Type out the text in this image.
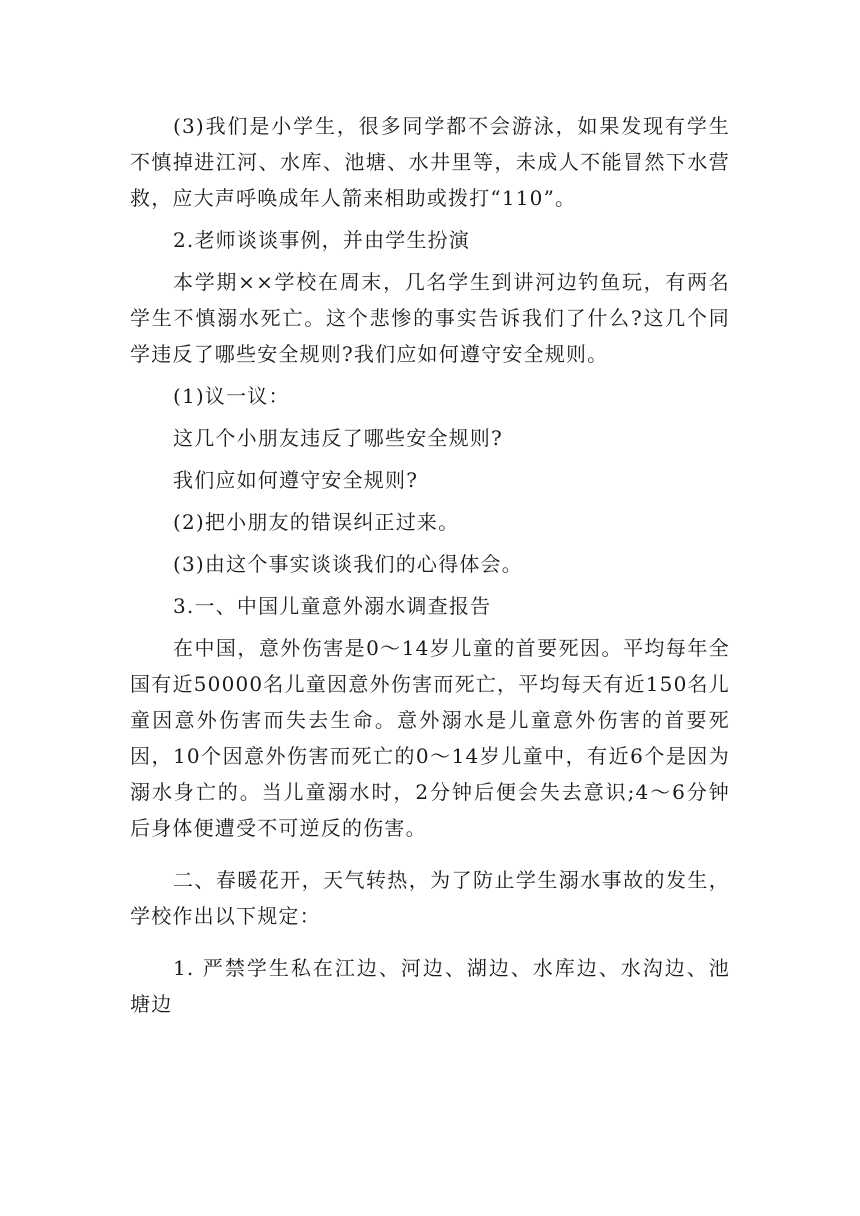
(3)我们是小学生，很多同学都不会游泳，如果发现有学生不慎掉进江河、水库、池塘、水井里等，未成人不能冒然下水营救，应大声呼唤成年人箭来相助或拨打“110”。

2.老师谈谈事例，并由学生扮演

本学期××学校在周末，几名学生到讲河边钓鱼玩，有两名学生不慎溺水死亡。这个悲惨的事实告诉我们了什么?这几个同学违反了哪些安全规则?我们应如何遵守安全规则。

(1)议一议：

这几个小朋友违反了哪些安全规则?

我们应如何遵守安全规则?

(2)把小朋友的错误纠正过来。

(3)由这个事实谈谈我们的心得体会。

3.一、中国儿童意外溺水调查报告

在中国，意外伤害是0～14岁儿童的首要死因。平均每年全国有近50000名儿童因意外伤害而死亡，平均每天有近150名儿童因意外伤害而失去生命。意外溺水是儿童意外伤害的首要死因，10个因意外伤害而死亡的0～14岁儿童中，有近6个是因为溺水身亡的。当儿童溺水时，2分钟后便会失去意识;4～6分钟后身体便遭受不可逆反的伤害。

二、春暖花开，天气转热，为了防止学生溺水事故的发生，学校作出以下规定：

1. 严禁学生私在江边、河边、湖边、水库边、水沟边、池塘边
